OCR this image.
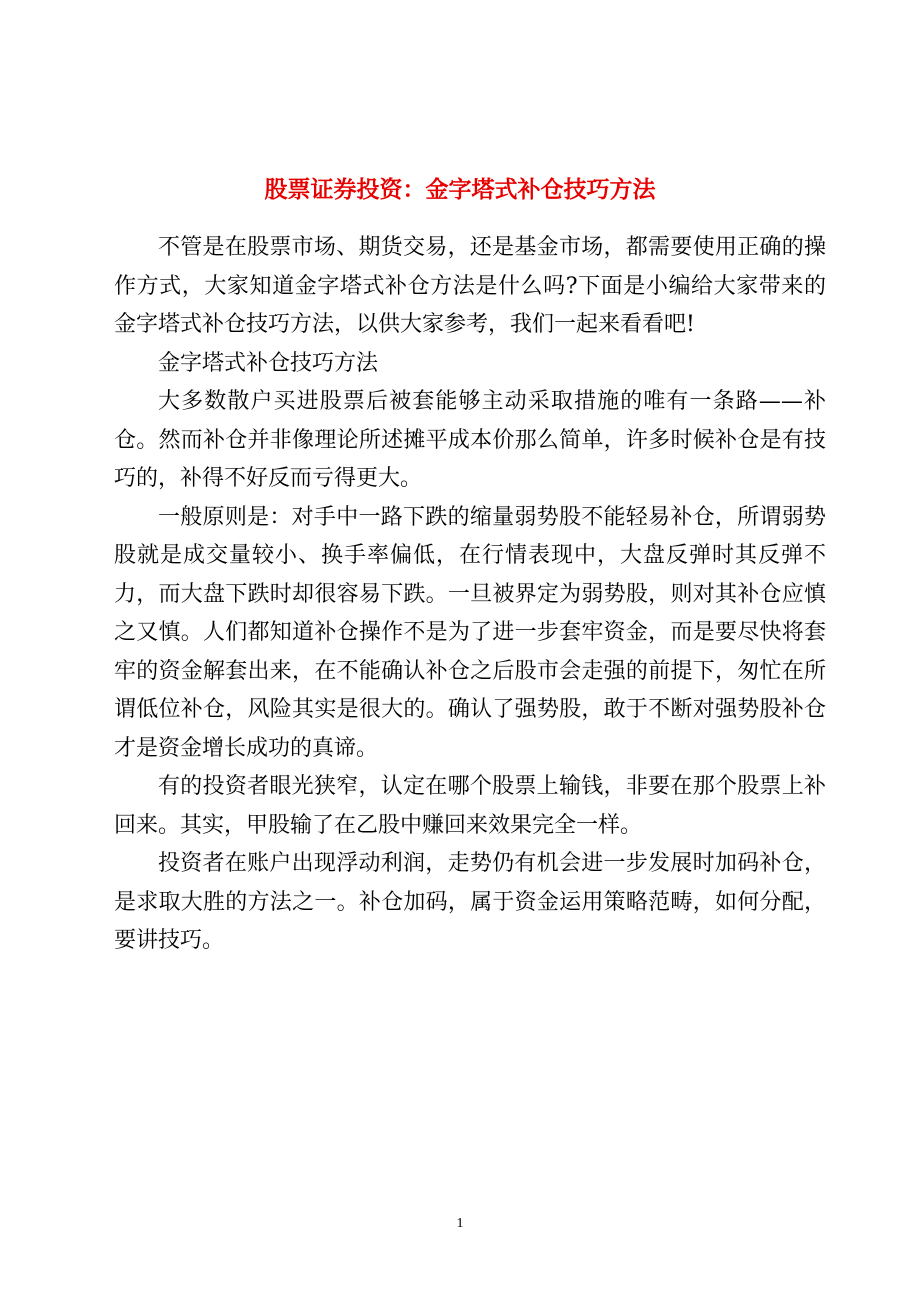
股票证券投资：金字塔式补仓技巧方法

不管是在股票市场、期货交易，还是基金市场，都需要使用正确的操作方式，大家知道金字塔式补仓方法是什么吗?下面是小编给大家带来的金字塔式补仓技巧方法，以供大家参考，我们一起来看看吧!

金字塔式补仓技巧方法

大多数散户买进股票后被套能够主动采取措施的唯有一条路——补仓。然而补仓并非像理论所述摊平成本价那么简单，许多时候补仓是有技巧的，补得不好反而亏得更大。

一般原则是：对手中一路下跌的缩量弱势股不能轻易补仓，所谓弱势股就是成交量较小、换手率偏低，在行情表现中，大盘反弹时其反弹不力，而大盘下跌时却很容易下跌。一旦被界定为弱势股，则对其补仓应慎之又慎。人们都知道补仓操作不是为了进一步套牢资金，而是要尽快将套牢的资金解套出来，在不能确认补仓之后股市会走强的前提下，匆忙在所谓低位补仓，风险其实是很大的。确认了强势股，敢于不断对强势股补仓才是资金增长成功的真谛。

有的投资者眼光狭窄，认定在哪个股票上输钱，非要在那个股票上补回来。其实，甲股输了在乙股中赚回来效果完全一样。

投资者在账户出现浮动利润，走势仍有机会进一步发展时加码补仓，是求取大胜的方法之一。补仓加码，属于资金运用策略范畴，如何分配，要讲技巧。

1
